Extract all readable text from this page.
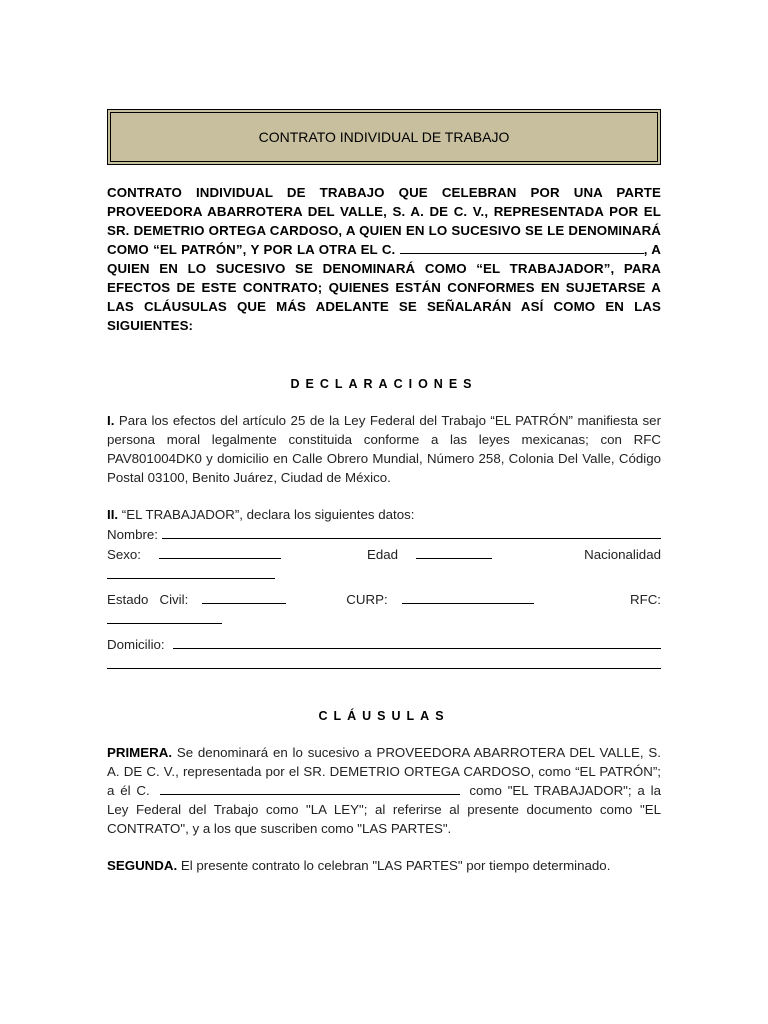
CONTRATO INDIVIDUAL DE TRABAJO
CONTRATO INDIVIDUAL DE TRABAJO QUE CELEBRAN POR UNA PARTE PROVEEDORA ABARROTERA DEL VALLE, S. A. DE C. V., REPRESENTADA POR EL SR. DEMETRIO ORTEGA CARDOSO, A QUIEN EN LO SUCESIVO SE LE DENOMINARÁ COMO “EL PATRÓN”, Y POR LA OTRA EL C.	, A QUIEN EN LO SUCESIVO SE DENOMINARÁ COMO “EL TRABAJADOR”, PARA EFECTOS DE ESTE CONTRATO; QUIENES ESTÁN CONFORMES EN SUJETARSE A LAS CLÁUSULAS QUE MÁS ADELANTE SE SEÑALARÁN ASÍ COMO EN LAS SIGUIENTES:
DECLARACIONES
I. Para los efectos del artículo 25 de la Ley Federal del Trabajo “EL PATRÓN” manifiesta ser persona moral legalmente constituida conforme a las leyes mexicanas; con RFC PAV801004DK0 y domicilio en Calle Obrero Mundial, Número 258, Colonia Del Valle, Código Postal 03100, Benito Juárez, Ciudad de México.
II. “EL TRABAJADOR”, declara los siguientes datos:
Nombre:
Sexo:	Edad	Nacionalidad
Estado   Civil:	CURP:	RFC:
Domicilio:
CLÁUSULAS
PRIMERA. Se denominará en lo sucesivo a PROVEEDORA ABARROTERA DEL VALLE, S. A. DE C. V., representada por el SR. DEMETRIO ORTEGA CARDOSO, como “EL PATRÓN”; a él C.	como "EL TRABAJADOR"; a la Ley Federal del Trabajo como "LA LEY"; al referirse al presente documento como "EL CONTRATO", y a los que suscriben como "LAS PARTES".
SEGUNDA. El presente contrato lo celebran "LAS PARTES" por tiempo determinado.
